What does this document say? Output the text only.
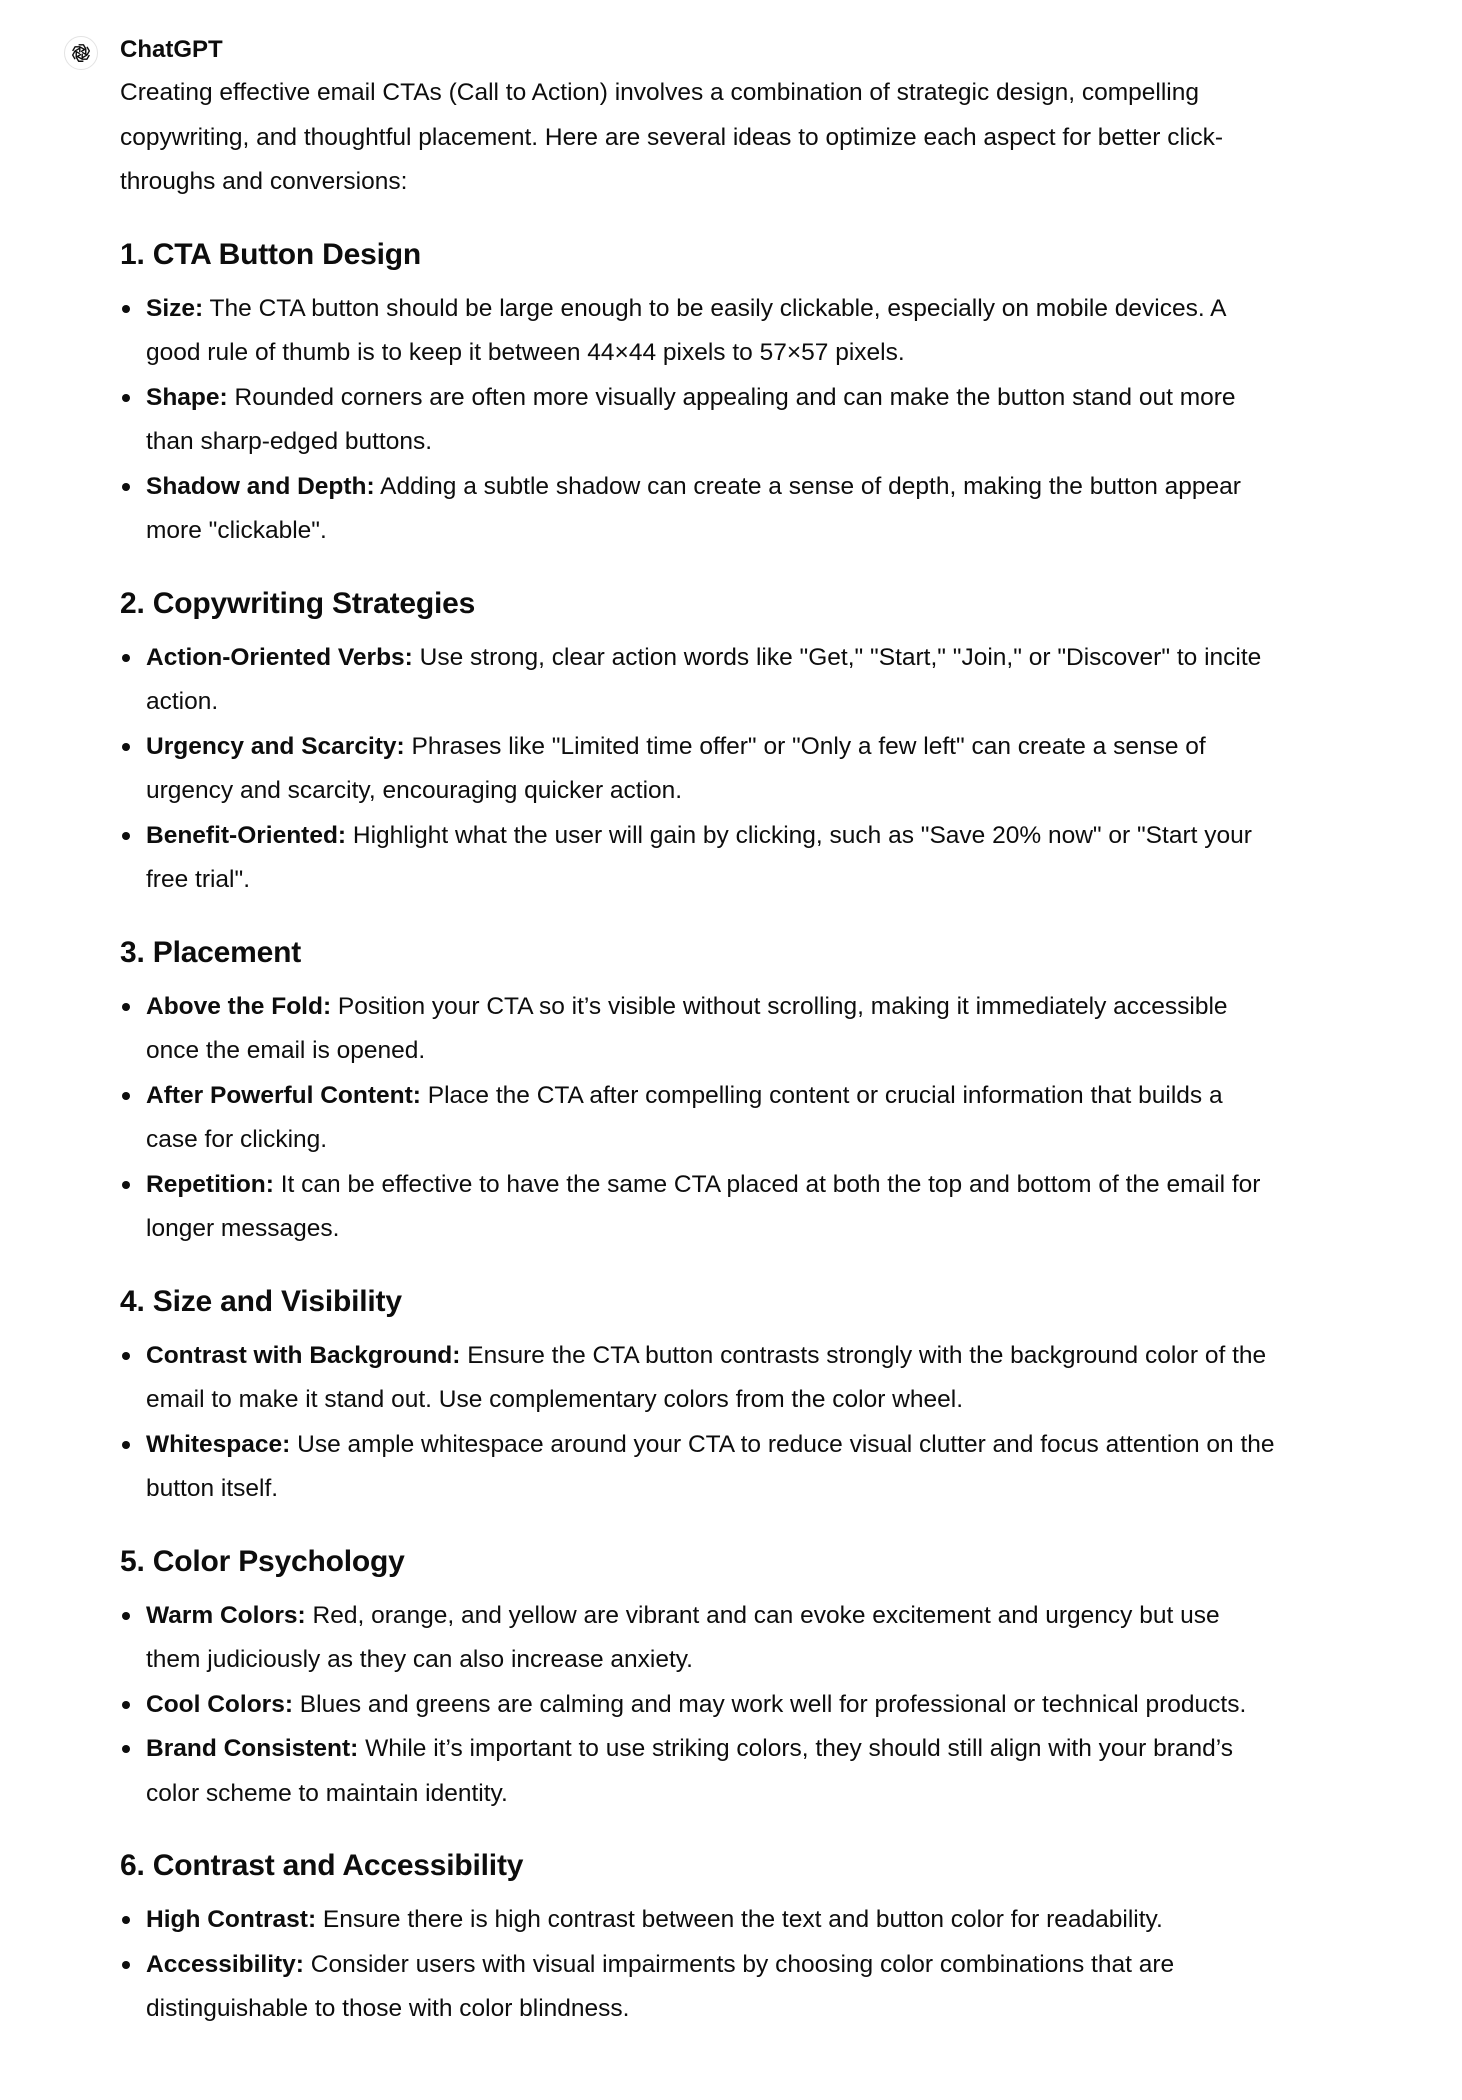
ChatGPT

Creating effective email CTAs (Call to Action) involves a combination of strategic design, compelling copywriting, and thoughtful placement. Here are several ideas to optimize each aspect for better click-throughs and conversions:

1. CTA Button Design
Size: The CTA button should be large enough to be easily clickable, especially on mobile devices. A good rule of thumb is to keep it between 44×44 pixels to 57×57 pixels.
Shape: Rounded corners are often more visually appealing and can make the button stand out more than sharp-edged buttons.
Shadow and Depth: Adding a subtle shadow can create a sense of depth, making the button appear more "clickable".
2. Copywriting Strategies
Action-Oriented Verbs: Use strong, clear action words like "Get," "Start," "Join," or "Discover" to incite action.
Urgency and Scarcity: Phrases like "Limited time offer" or "Only a few left" can create a sense of urgency and scarcity, encouraging quicker action.
Benefit-Oriented: Highlight what the user will gain by clicking, such as "Save 20% now" or "Start your free trial".
3. Placement
Above the Fold: Position your CTA so it’s visible without scrolling, making it immediately accessible once the email is opened.
After Powerful Content: Place the CTA after compelling content or crucial information that builds a case for clicking.
Repetition: It can be effective to have the same CTA placed at both the top and bottom of the email for longer messages.
4. Size and Visibility
Contrast with Background: Ensure the CTA button contrasts strongly with the background color of the email to make it stand out. Use complementary colors from the color wheel.
Whitespace: Use ample whitespace around your CTA to reduce visual clutter and focus attention on the button itself.
5. Color Psychology
Warm Colors: Red, orange, and yellow are vibrant and can evoke excitement and urgency but use them judiciously as they can also increase anxiety.
Cool Colors: Blues and greens are calming and may work well for professional or technical products.
Brand Consistent: While it’s important to use striking colors, they should still align with your brand’s color scheme to maintain identity.
6. Contrast and Accessibility
High Contrast: Ensure there is high contrast between the text and button color for readability.
Accessibility: Consider users with visual impairments by choosing color combinations that are distinguishable to those with color blindness.
